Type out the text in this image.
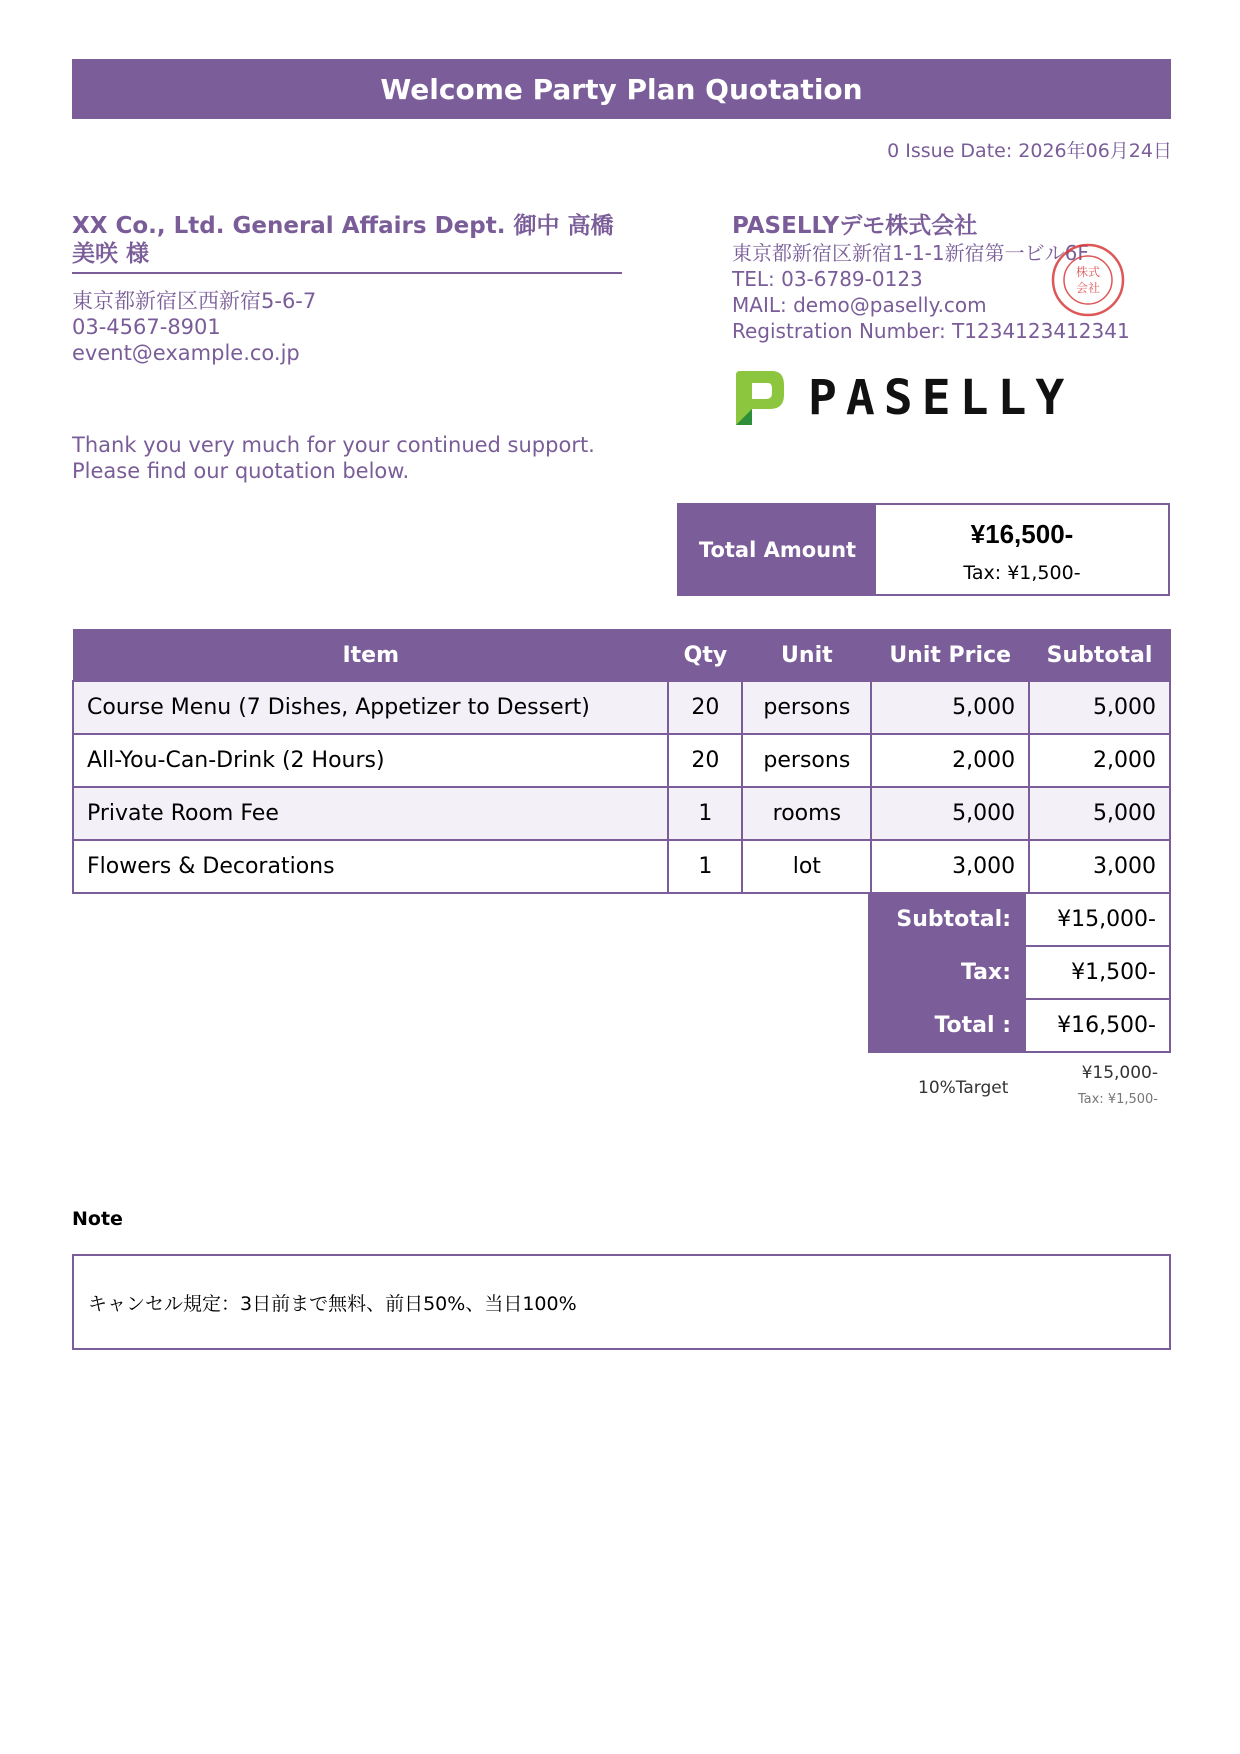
Welcome Party Plan Quotation
0 Issue Date: 2026年06月24日
XX Co., Ltd. General Affairs Dept. 御中 高橋 美咲 様
東京都新宿区西新宿5-6-7
03-4567-8901
event@example.co.jp
Thank you very much for your continued support.
Please find our quotation below.
PASELLYデモ株式会社
東京都新宿区新宿1-1-1新宿第一ビル6F
TEL: 03-6789-0123
MAIL: demo@paselly.com
Registration Number: T1234123412341
株式
会社
PASELLY
Total Amount
¥16,500-
Tax: ¥1,500-
Item	Qty	Unit	Unit Price	Subtotal
Course Menu (7 Dishes, Appetizer to Dessert)	20	persons	5,000	5,000
All-You-Can-Drink (2 Hours)	20	persons	2,000	2,000
Private Room Fee	1	rooms	5,000	5,000
Flowers & Decorations	1	lot	3,000	3,000
Subtotal:	¥15,000-
Tax:	¥1,500-
Total :	¥16,500-
10%Target
¥15,000-
Tax: ¥1,500-
Note
キャンセル規定：3日前まで無料、前日50%、当日100%
